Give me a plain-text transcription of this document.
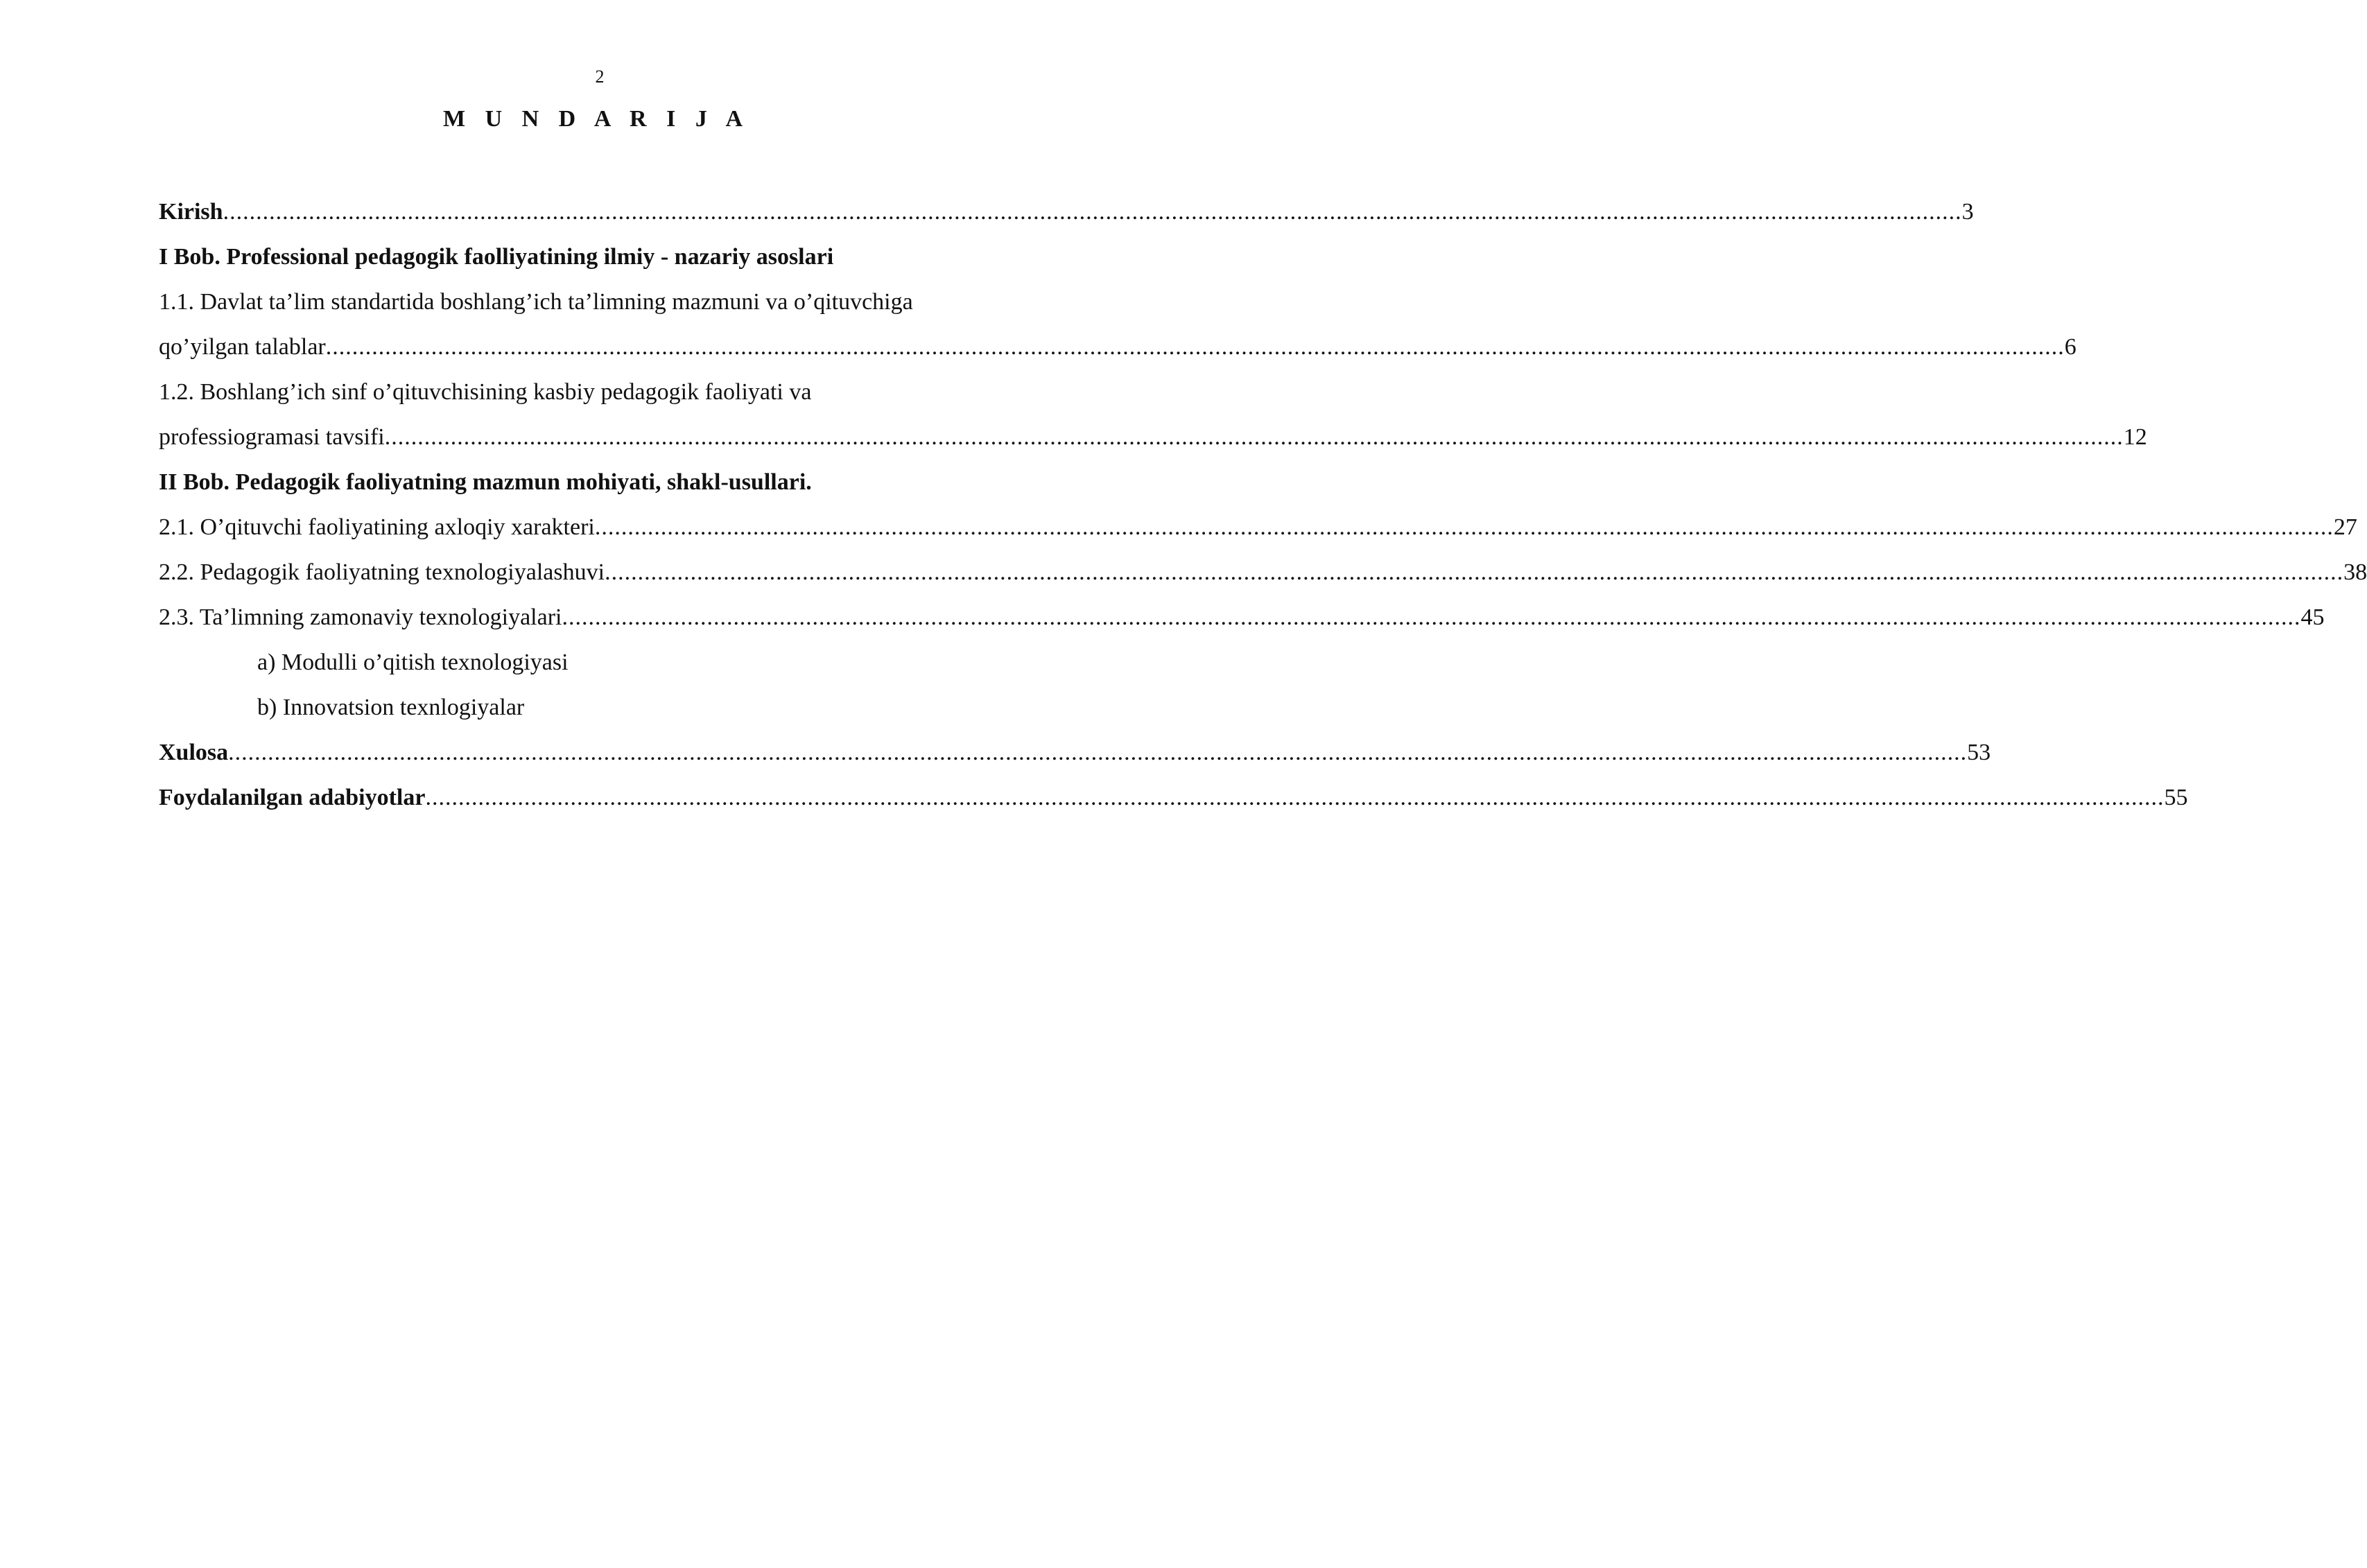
2
M U N D A R I J A
Kirish ........................................................................................................................................................................................................................................................................ 3
I Bob. Professional pedagogik faolliyatining ilmiy - nazariy asoslari
1.1. Davlat ta’lim standartida boshlang’ich ta’limning mazmuni va o’qituvchiga
qo’yilgan talablar ........................................................................................................................................................................................................................................................................ 6
1.2. Boshlang’ich sinf o’qituvchisining kasbiy pedagogik faoliyati va
professiogramasi tavsifi ........................................................................................................................................................................................................................................................................ 12
II Bob. Pedagogik faoliyatning mazmun mohiyati, shakl-usullari.
2.1. O’qituvchi faoliyatining axloqiy xarakteri ........................................................................................................................................................................................................................................................................ 27
2.2. Pedagogik faoliyatning texnologiyalashuvi ........................................................................................................................................................................................................................................................................ 38
2.3. Ta’limning zamonaviy texnologiyalari ........................................................................................................................................................................................................................................................................ 45
a) Modulli o’qitish texnologiyasi
b) Innovatsion texnlogiyalar
Xulosa ........................................................................................................................................................................................................................................................................ 53
Foydalanilgan adabiyotlar ........................................................................................................................................................................................................................................................................ 55
